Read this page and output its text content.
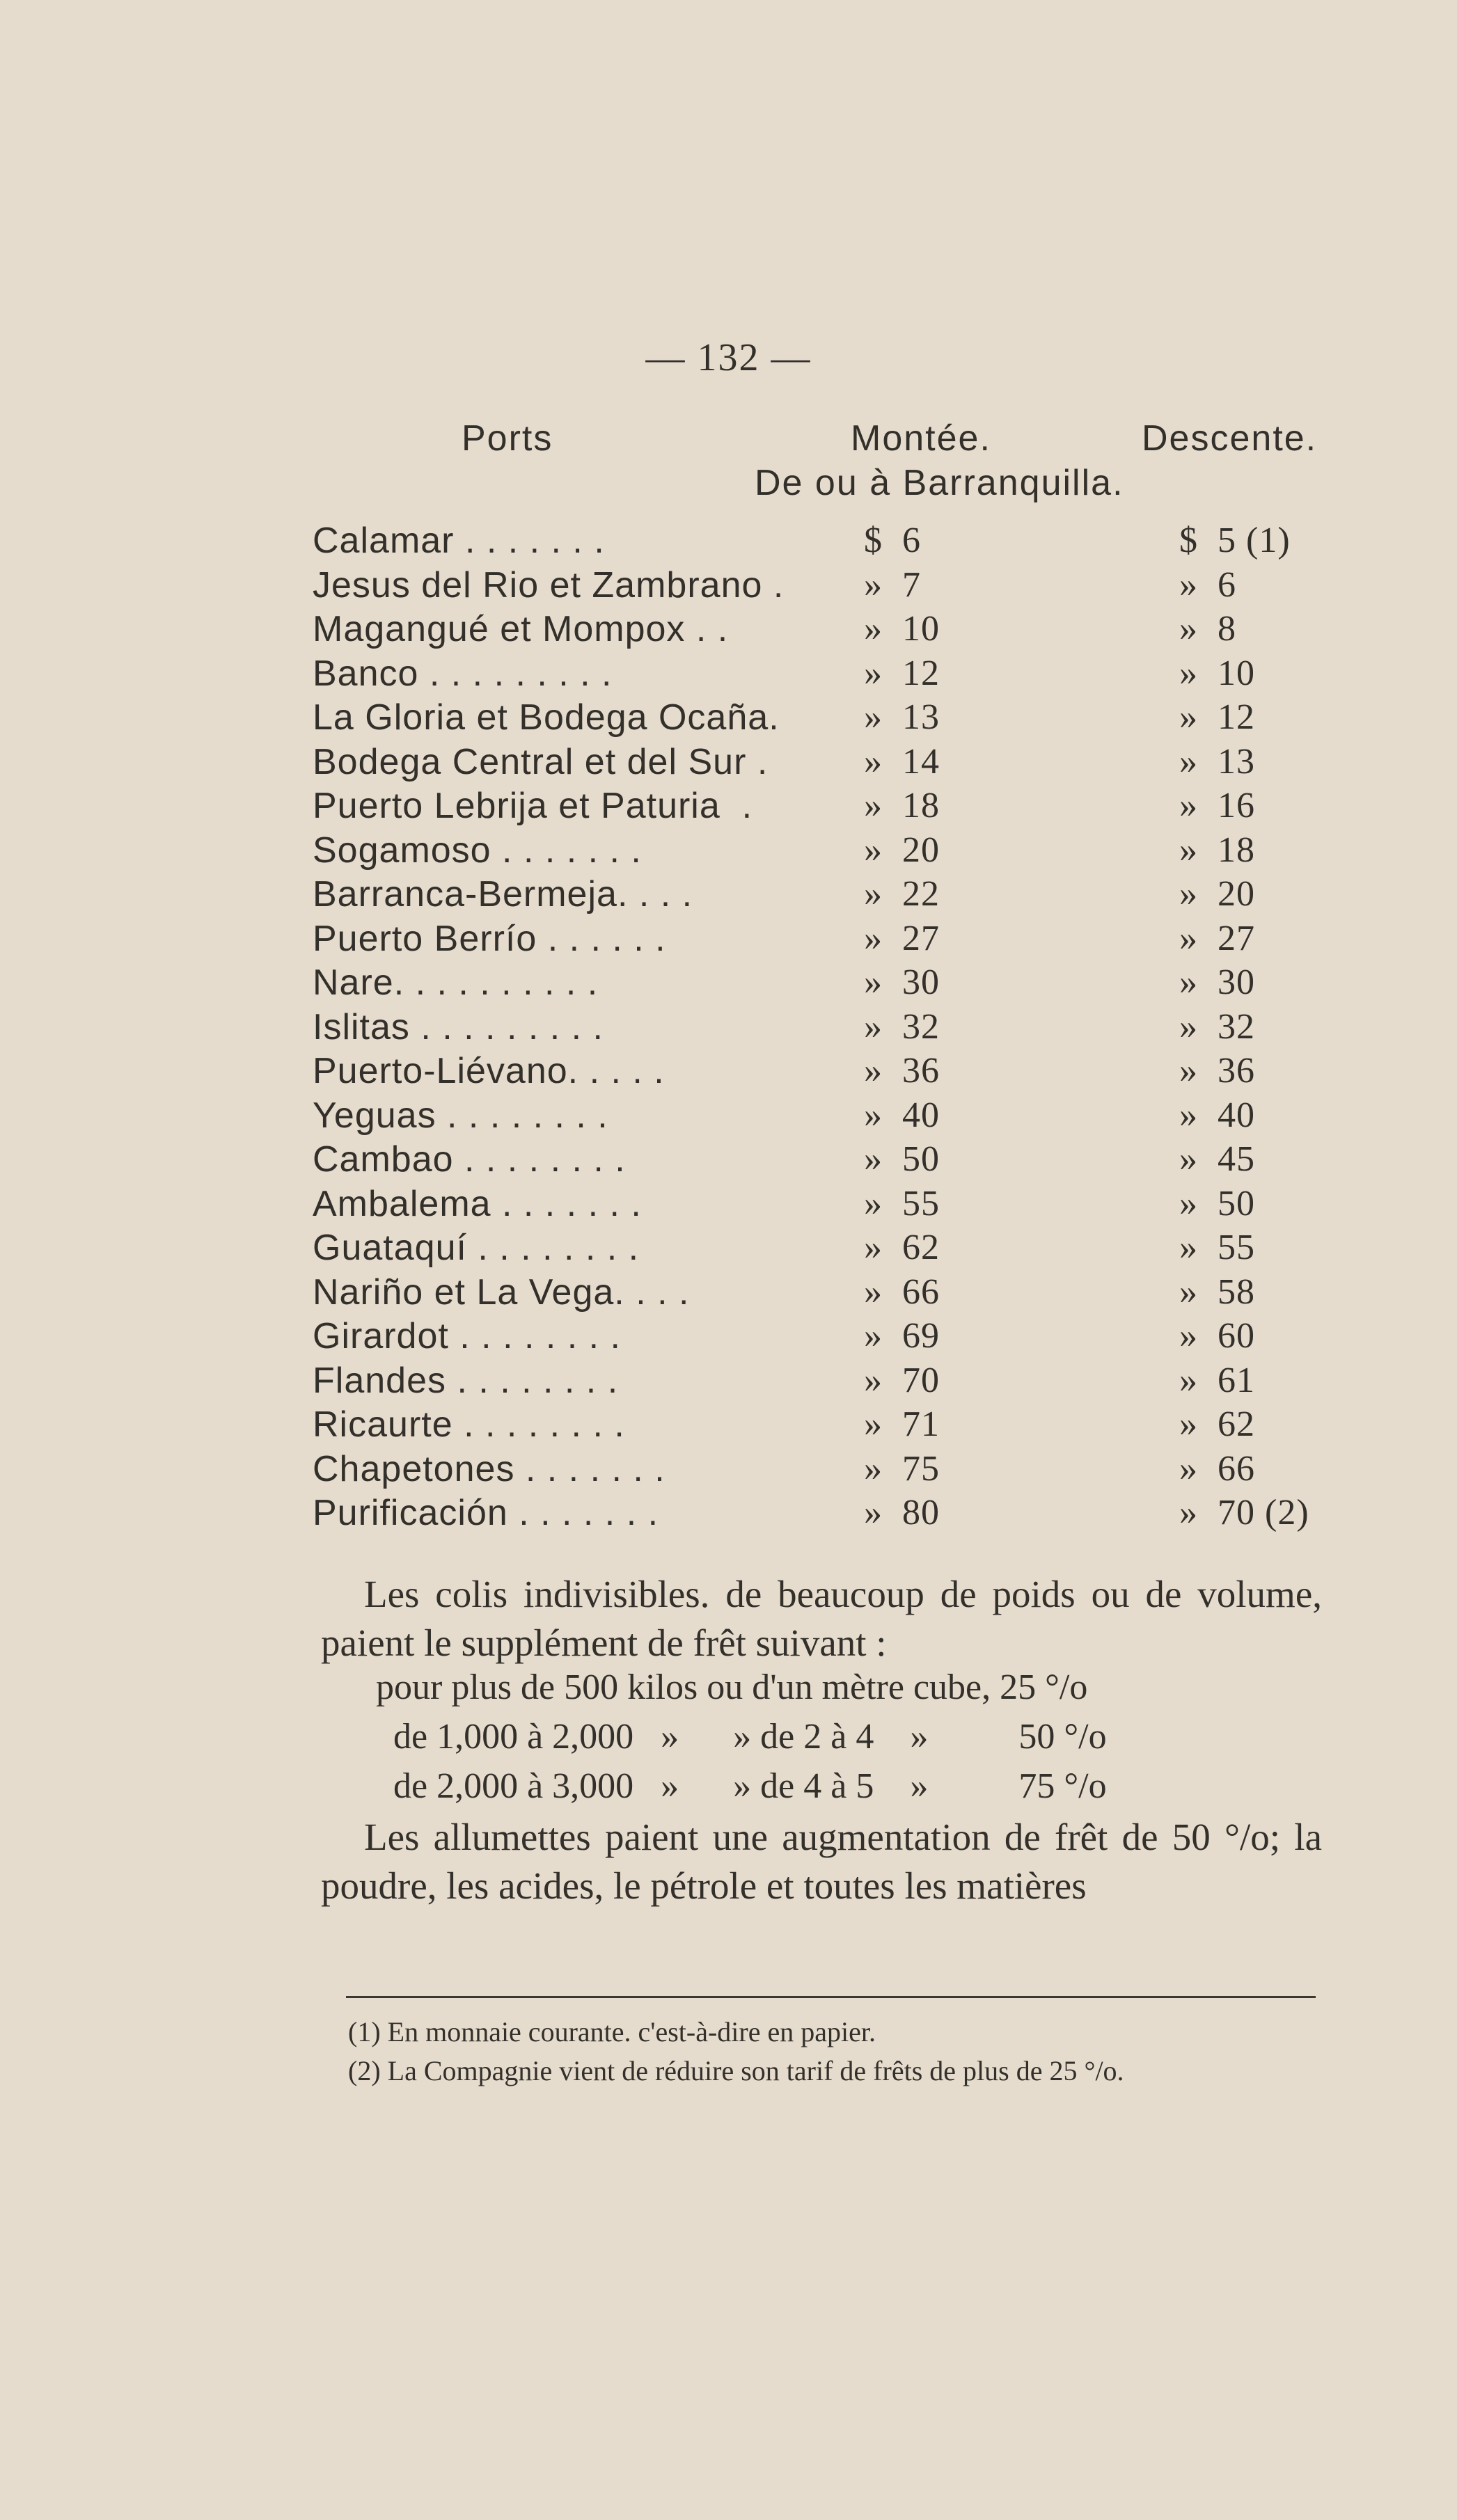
— 132 —
Ports	Montée.	Descente.
De ou à Barranquilla.
Calamar . . . . . . .	$  6	$  5 (1)
Jesus del Rio et Zambrano . »  7	»  6
Magangué et Mompox . .	»  10	»  8
Banco . . . . . . . . .	»  12	»  10
La Gloria et Bodega Ocaña. »  13	»  12
Bodega Central et del Sur .	»  14	»  13
Puerto Lebrija et Paturia  .	»  18	»  16
Sogamoso . . . . . . .	»  20	»  18
Barranca-Bermeja. . . .	»  22	»  20
Puerto Berrío . . . . . .	»  27	»  27
Nare. . . . . . . . . .	»  30	»  30
Islitas . . . . . . . . .	»  32	»  32
Puerto-Liévano. . . . .	»  36	»  36
Yeguas . . . . . . . .	»  40	»  40
Cambao . . . . . . . .	»  50	»  45
Ambalema . . . . . . .	»  55	»  50
Guataquí . . . . . . . .	»  62	»  55
Nariño et La Vega. . . .	»  66	»  58
Girardot . . . . . . . .	»  69	»  60
Flandes . . . . . . . .	»  70	»  61
Ricaurte . . . . . . . .	»  71	»  62
Chapetones . . . . . . .	»  75	»  66
Purificación . . . . . . .	»  80	»  70 (2)
Les colis indivisibles. de beaucoup de poids ou de volume, paient le supplément de frêt suivant :
pour plus de 500 kilos ou d'un mètre cube, 25 °/o
de 1,000 à 2,000   »      » de 2 à 4    »          50 °/o
de 2,000 à 3,000   »      » de 4 à 5    »          75 °/o
Les allumettes paient une augmentation de frêt de 50 °/o; la poudre, les acides, le pétrole et toutes les matières
(1) En monnaie courante. c'est-à-dire en papier.
(2) La Compagnie vient de réduire son tarif de frêts de plus de 25 °/o.
